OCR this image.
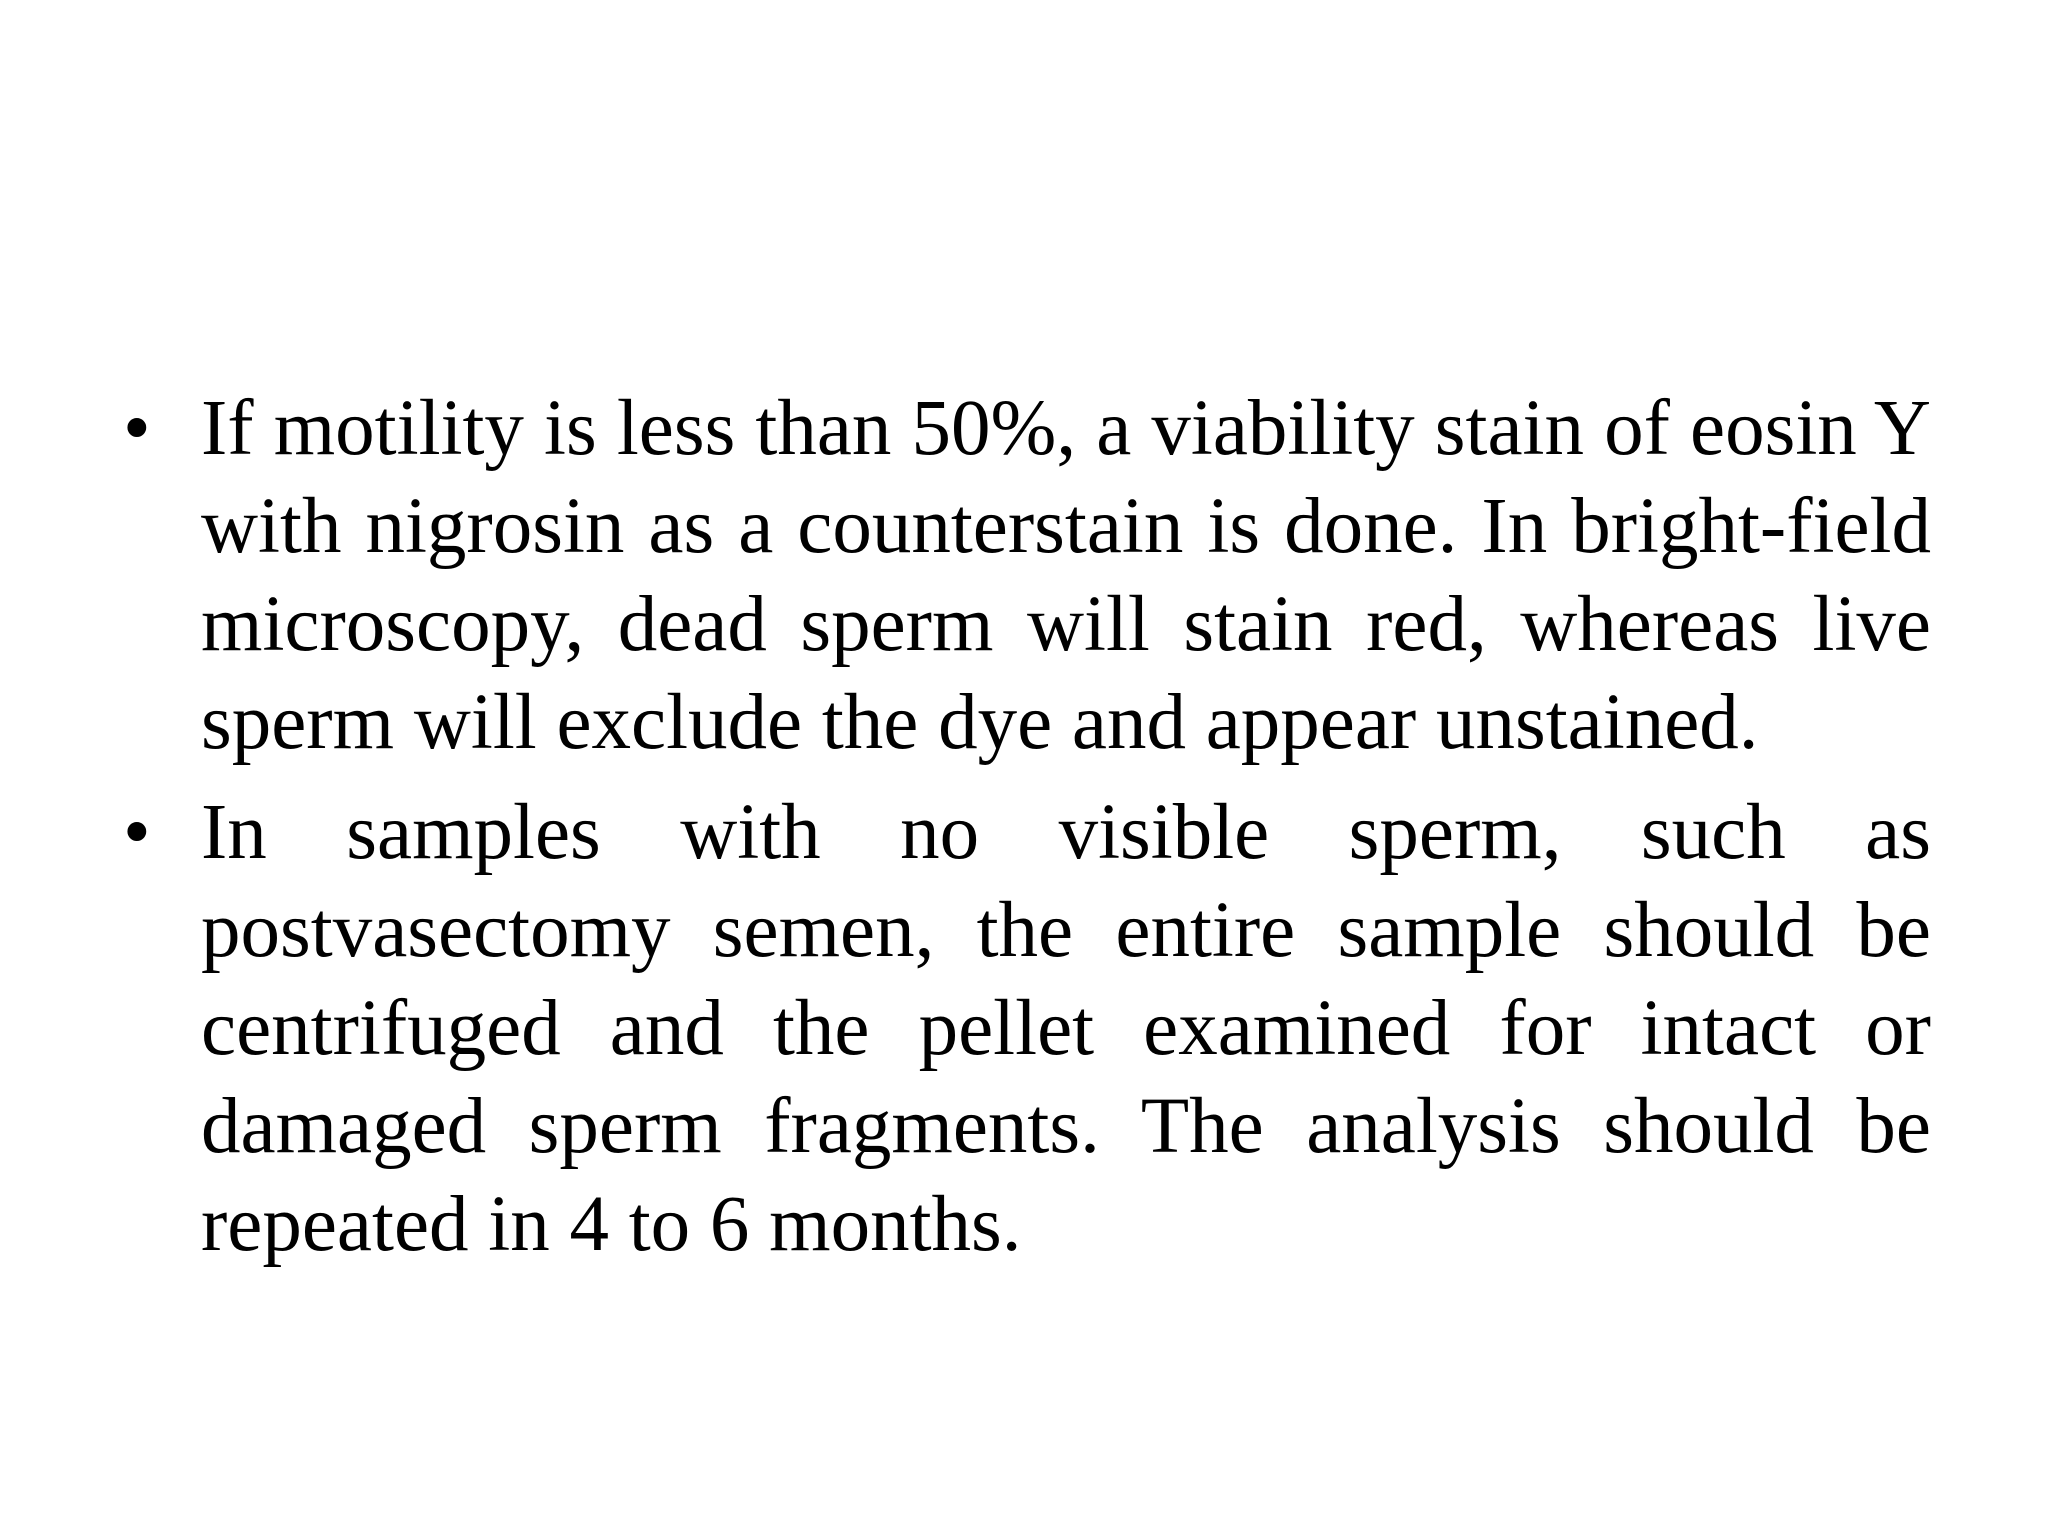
• If motility is less than 50%, a viability stain of eosin Y with nigrosin as a counterstain is done. In bright-field microscopy, dead sperm will stain red, whereas live sperm will exclude the dye and appear unstained.
• In samples with no visible sperm, such as postvasectomy semen, the entire sample should be centrifuged and the pellet examined for intact or damaged sperm fragments. The analysis should be repeated in 4 to 6 months.
